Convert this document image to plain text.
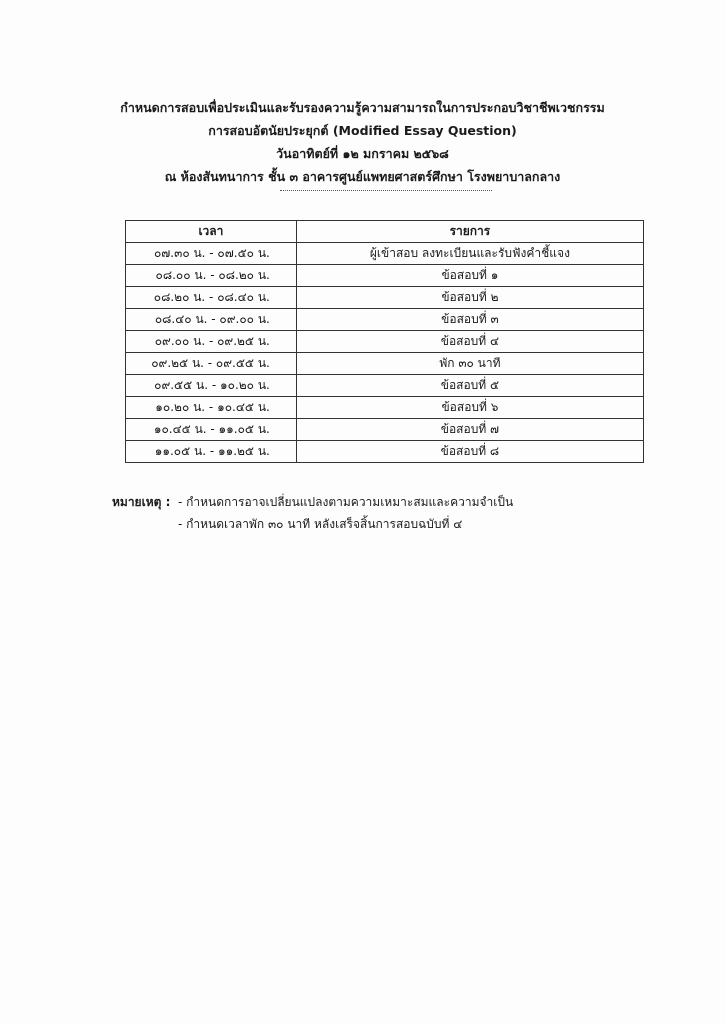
กำหนดการสอบเพื่อประเมินและรับรองความรู้ความสามารถในการประกอบวิชาชีพเวชกรรม
การสอบอัตนัยประยุกต์ (Modified Essay Question)
วันอาทิตย์ที่ ๑๒ มกราคม ๒๕๖๘
ณ ห้องสันทนาการ ชั้น ๓ อาคารศูนย์แพทยศาสตร์ศึกษา โรงพยาบาลกลาง
เวลา	รายการ
๐๗.๓๐ น. - ๐๗.๕๐ น.	ผู้เข้าสอบ ลงทะเบียนและรับฟังคำชี้แจง
๐๘.๐๐ น. - ๐๘.๒๐ น.	ข้อสอบที่ ๑
๐๘.๒๐ น. - ๐๘.๔๐ น.	ข้อสอบที่ ๒
๐๘.๔๐ น. - ๐๙.๐๐ น.	ข้อสอบที่ ๓
๐๙.๐๐ น. - ๐๙.๒๕ น.	ข้อสอบที่ ๔
๐๙.๒๕ น. - ๐๙.๕๕ น.	พัก ๓๐ นาที
๐๙.๕๕ น. - ๑๐.๒๐ น.	ข้อสอบที่ ๕
๑๐.๒๐ น. - ๑๐.๔๕ น.	ข้อสอบที่ ๖
๑๐.๔๕ น. - ๑๑.๐๕ น.	ข้อสอบที่ ๗
๑๑.๐๕ น. - ๑๑.๒๕ น.	ข้อสอบที่ ๘
หมายเหตุ : - กำหนดการอาจเปลี่ยนแปลงตามความเหมาะสมและความจำเป็น
- กำหนดเวลาพัก ๓๐ นาที หลังเสร็จสิ้นการสอบฉบับที่ ๔
